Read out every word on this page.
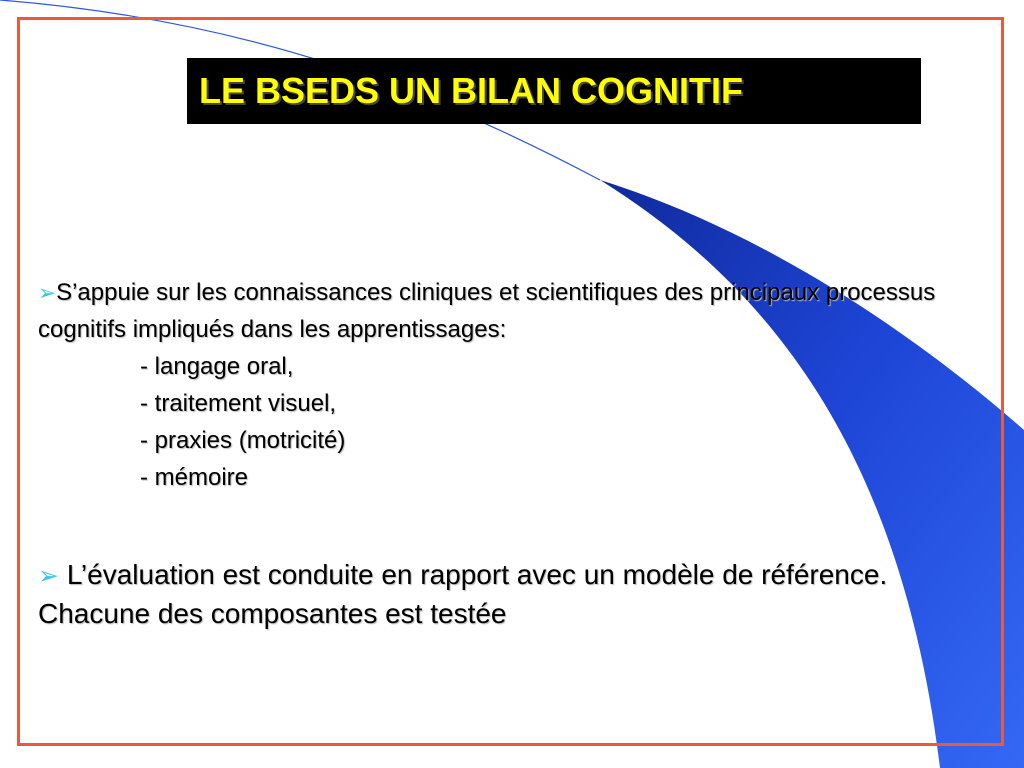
LE BSEDS UN BILAN COGNITIF
➢S’appuie sur les connaissances cliniques et scientifiques des principaux processus cognitifs impliqués dans les apprentissages:
- langage oral,
- traitement visuel,
- praxies (motricité)
- mémoire
➢ L’évaluation est conduite en rapport avec un modèle de référence. Chacune des composantes est testée
